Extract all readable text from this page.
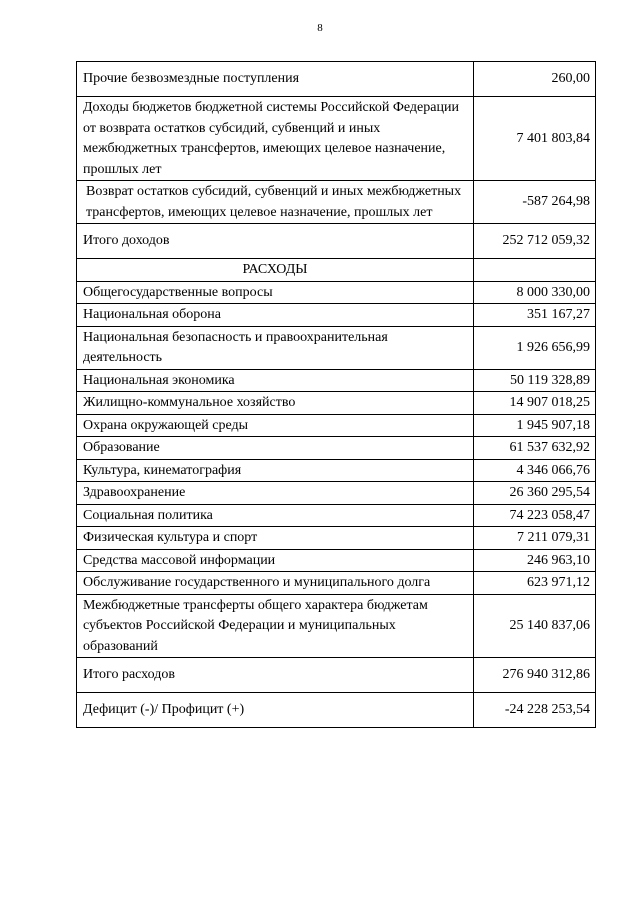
8
Прочие безвозмездные поступления	260,00
Доходы бюджетов бюджетной системы Российской Федерации от возврата остатков субсидий, субвенций и иных межбюджетных трансфертов, имеющих целевое назначение, прошлых лет	7 401 803,84
Возврат остатков субсидий, субвенций и иных межбюджетных трансфертов, имеющих целевое назначение, прошлых лет	-587 264,98
Итого доходов	252 712 059,32
РАСХОДЫ	
Общегосударственные вопросы	8 000 330,00
Национальная оборона	351 167,27
Национальная безопасность и правоохранительная деятельность	1 926 656,99
Национальная экономика	50 119 328,89
Жилищно-коммунальное хозяйство	14 907 018,25
Охрана окружающей среды	1 945 907,18
Образование	61 537 632,92
Культура, кинематография	4 346 066,76
Здравоохранение	26 360 295,54
Социальная политика	74 223 058,47
Физическая культура и спорт	7 211 079,31
Средства массовой информации	246 963,10
Обслуживание государственного и муниципального долга	623 971,12
Межбюджетные трансферты общего характера бюджетам субъектов Российской Федерации и муниципальных образований	25 140 837,06
Итого расходов	276 940 312,86
Дефицит (-)/ Профицит (+)	-24 228 253,54
